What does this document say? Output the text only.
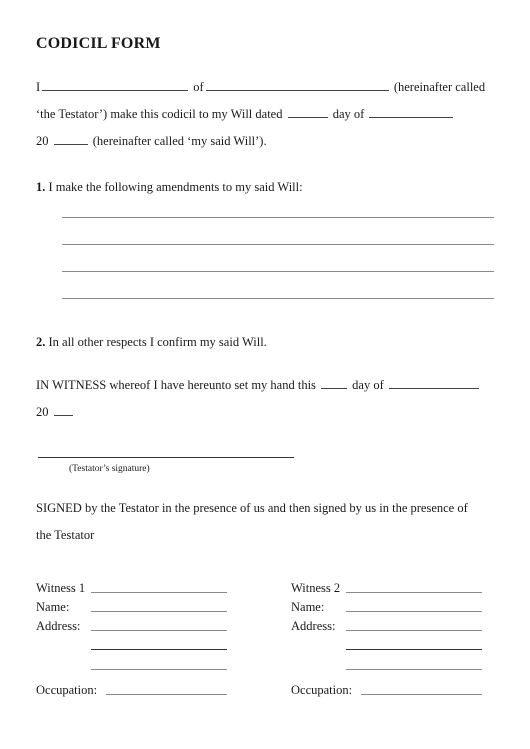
CODICIL FORM
I	of	(hereinafter called
‘the Testator’) make this codicil to my Will dated	day of
20	(hereinafter called ‘my said Will’).
1. I make the following amendments to my said Will:
2. In all other respects I confirm my said Will.
IN WITNESS whereof I have hereunto set my hand this	day of
20
(Testator’s signature)
SIGNED by the Testator in the presence of us and then signed by us in the presence of
the Testator
Witness 1
Name:
Address:
Occupation:
Witness 2
Name:
Address:
Occupation:
